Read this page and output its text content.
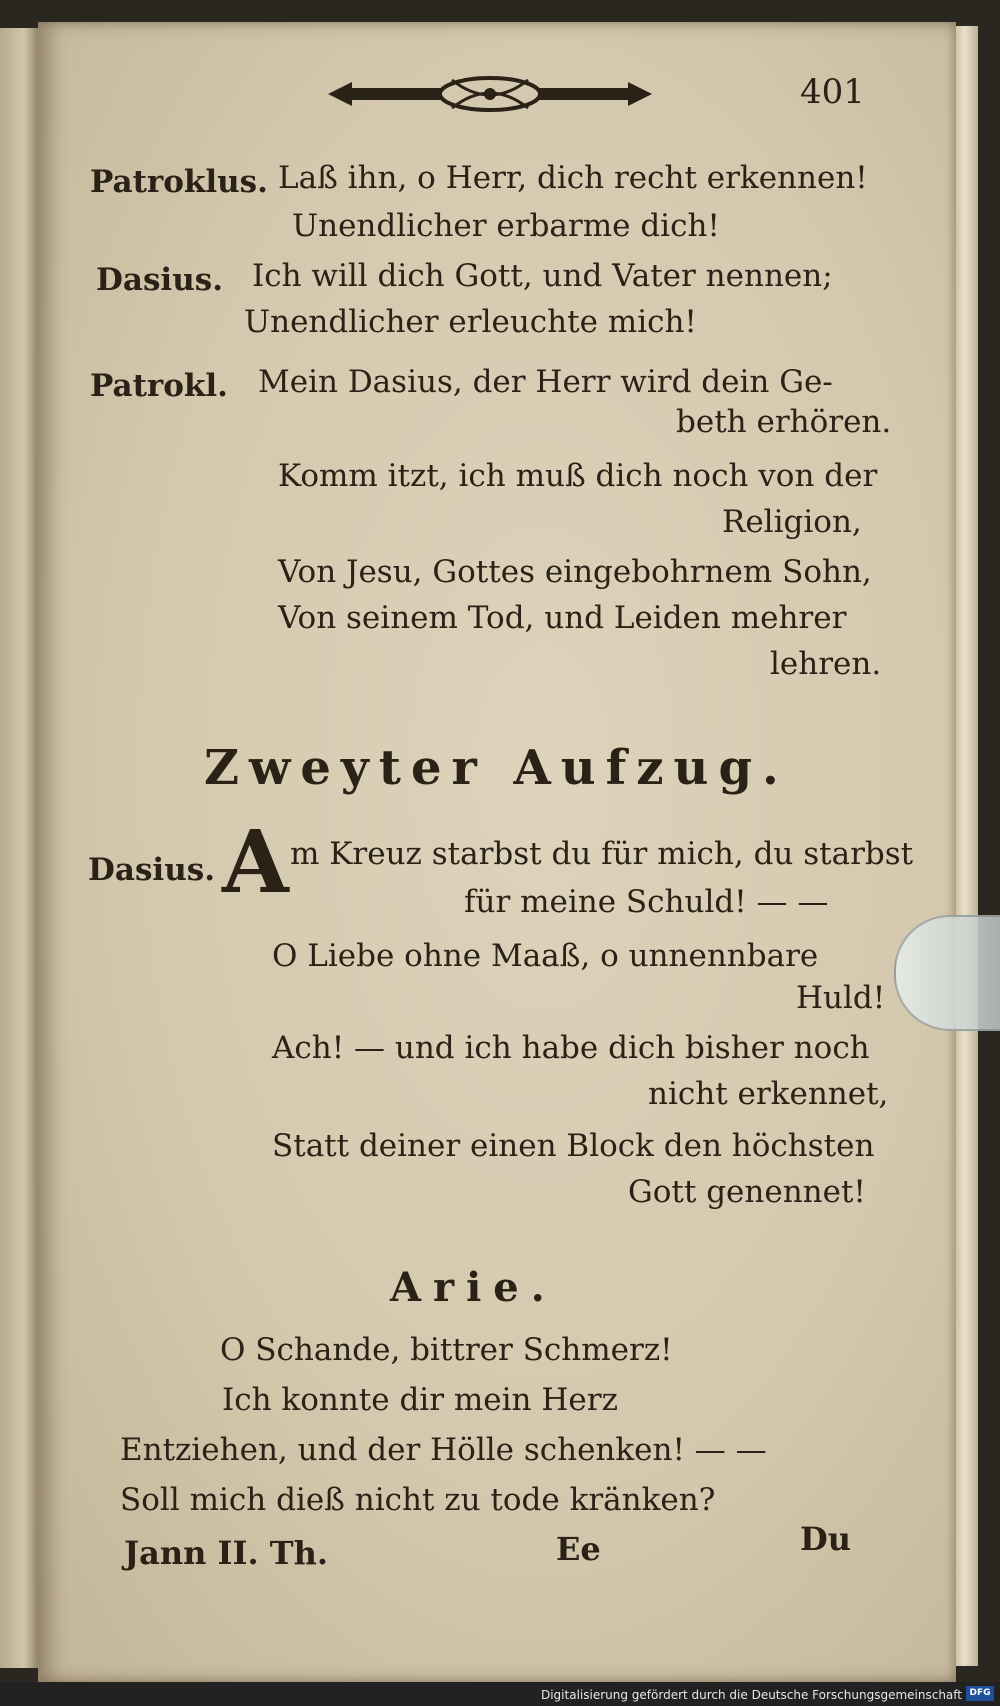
401
Patroklus. Laß ihn, o Herr, dich recht erkennen!
Unendlicher erbarme dich!
Dasius. Ich will dich Gott, und Vater nennen;
Unendlicher erleuchte mich!
Patrokl. Mein Dasius, der Herr wird dein Ge-
beth erhören.
Komm itzt, ich muß dich noch von der
Religion,
Von Jesu, Gottes eingebohrnem Sohn,
Von seinem Tod, und Leiden mehrer
lehren.
Zweyter Aufzug.
Dasius. A m Kreuz starbst du für mich, du starbst
für meine Schuld! — —
O Liebe ohne Maaß, o unnennbare
Huld!
Ach! — und ich habe dich bisher noch
nicht erkennet,
Statt deiner einen Block den höchsten
Gott genennet!
Arie.
O Schande, bittrer Schmerz!
Ich konnte dir mein Herz
Entziehen, und der Hölle schenken! — —
Soll mich dieß nicht zu tode kränken?
Jann II. Th.	Ee	Du
Digitalisierung gefördert durch die Deutsche Forschungsgemeinschaft DFG
